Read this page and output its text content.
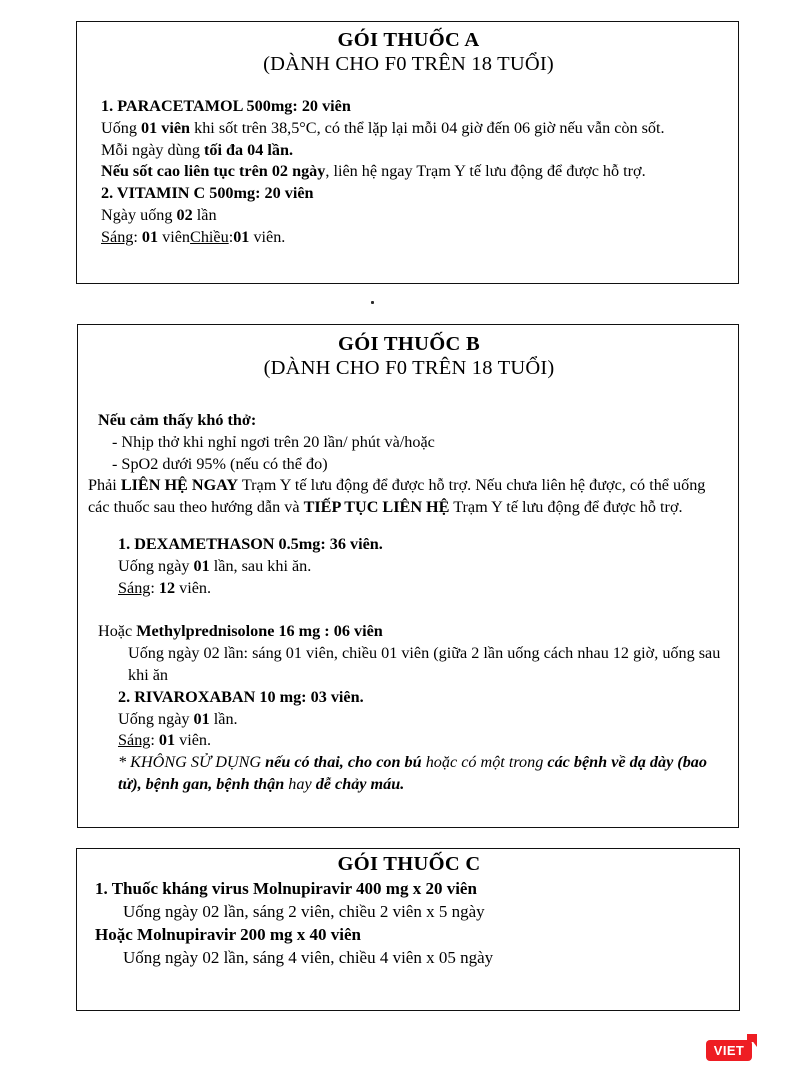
GÓI THUỐC A
(DÀNH CHO F0 TRÊN 18 TUỔI)
1. PARACETAMOL 500mg: 20 viên
Uống 01 viên khi sốt trên 38,5°C, có thể lặp lại mỗi 04 giờ đến 06 giờ nếu vẫn còn sốt.
Mỗi ngày dùng tối đa 04 lần.
Nếu sốt cao liên tục trên 02 ngày, liên hệ ngay Trạm Y tế lưu động để được hỗ trợ.
2. VITAMIN C 500mg: 20 viên
Ngày uống 02 lần
Sáng: 01 viênChiều:01 viên.
GÓI THUỐC B
(DÀNH CHO F0 TRÊN 18 TUỔI)
Nếu cảm thấy khó thở:
- Nhịp thở khi nghỉ ngơi trên 20 lần/ phút và/hoặc
- SpO2 dưới 95% (nếu có thể đo)
Phải LIÊN HỆ NGAY Trạm Y tế lưu động để được hỗ trợ. Nếu chưa liên hệ được, có thể uống các thuốc sau theo hướng dẫn và TIẾP TỤC LIÊN HỆ Trạm Y tế lưu động để được hỗ trợ.
1. DEXAMETHASON 0.5mg: 36 viên.
Uống ngày 01 lần, sau khi ăn.
Sáng: 12 viên.
Hoặc Methylprednisolone 16 mg : 06 viên
Uống ngày 02 lần: sáng 01 viên, chiều 01 viên (giữa 2 lần uống cách nhau 12 giờ, uống sau khi ăn
2. RIVAROXABAN 10 mg: 03 viên.
Uống ngày 01 lần.
Sáng: 01 viên.
* KHÔNG SỬ DỤNG nếu có thai, cho con bú hoặc có một trong các bệnh về dạ dày (bao tử), bệnh gan, bệnh thận hay dễ chảy máu.
GÓI THUỐC C
1. Thuốc kháng virus Molnupiravir 400 mg x 20 viên
Uống ngày 02 lần, sáng 2 viên, chiều 2 viên x 5 ngày
Hoặc Molnupiravir 200 mg x 40 viên
Uống ngày 02 lần, sáng 4 viên, chiều 4 viên x 05 ngày
VIET
